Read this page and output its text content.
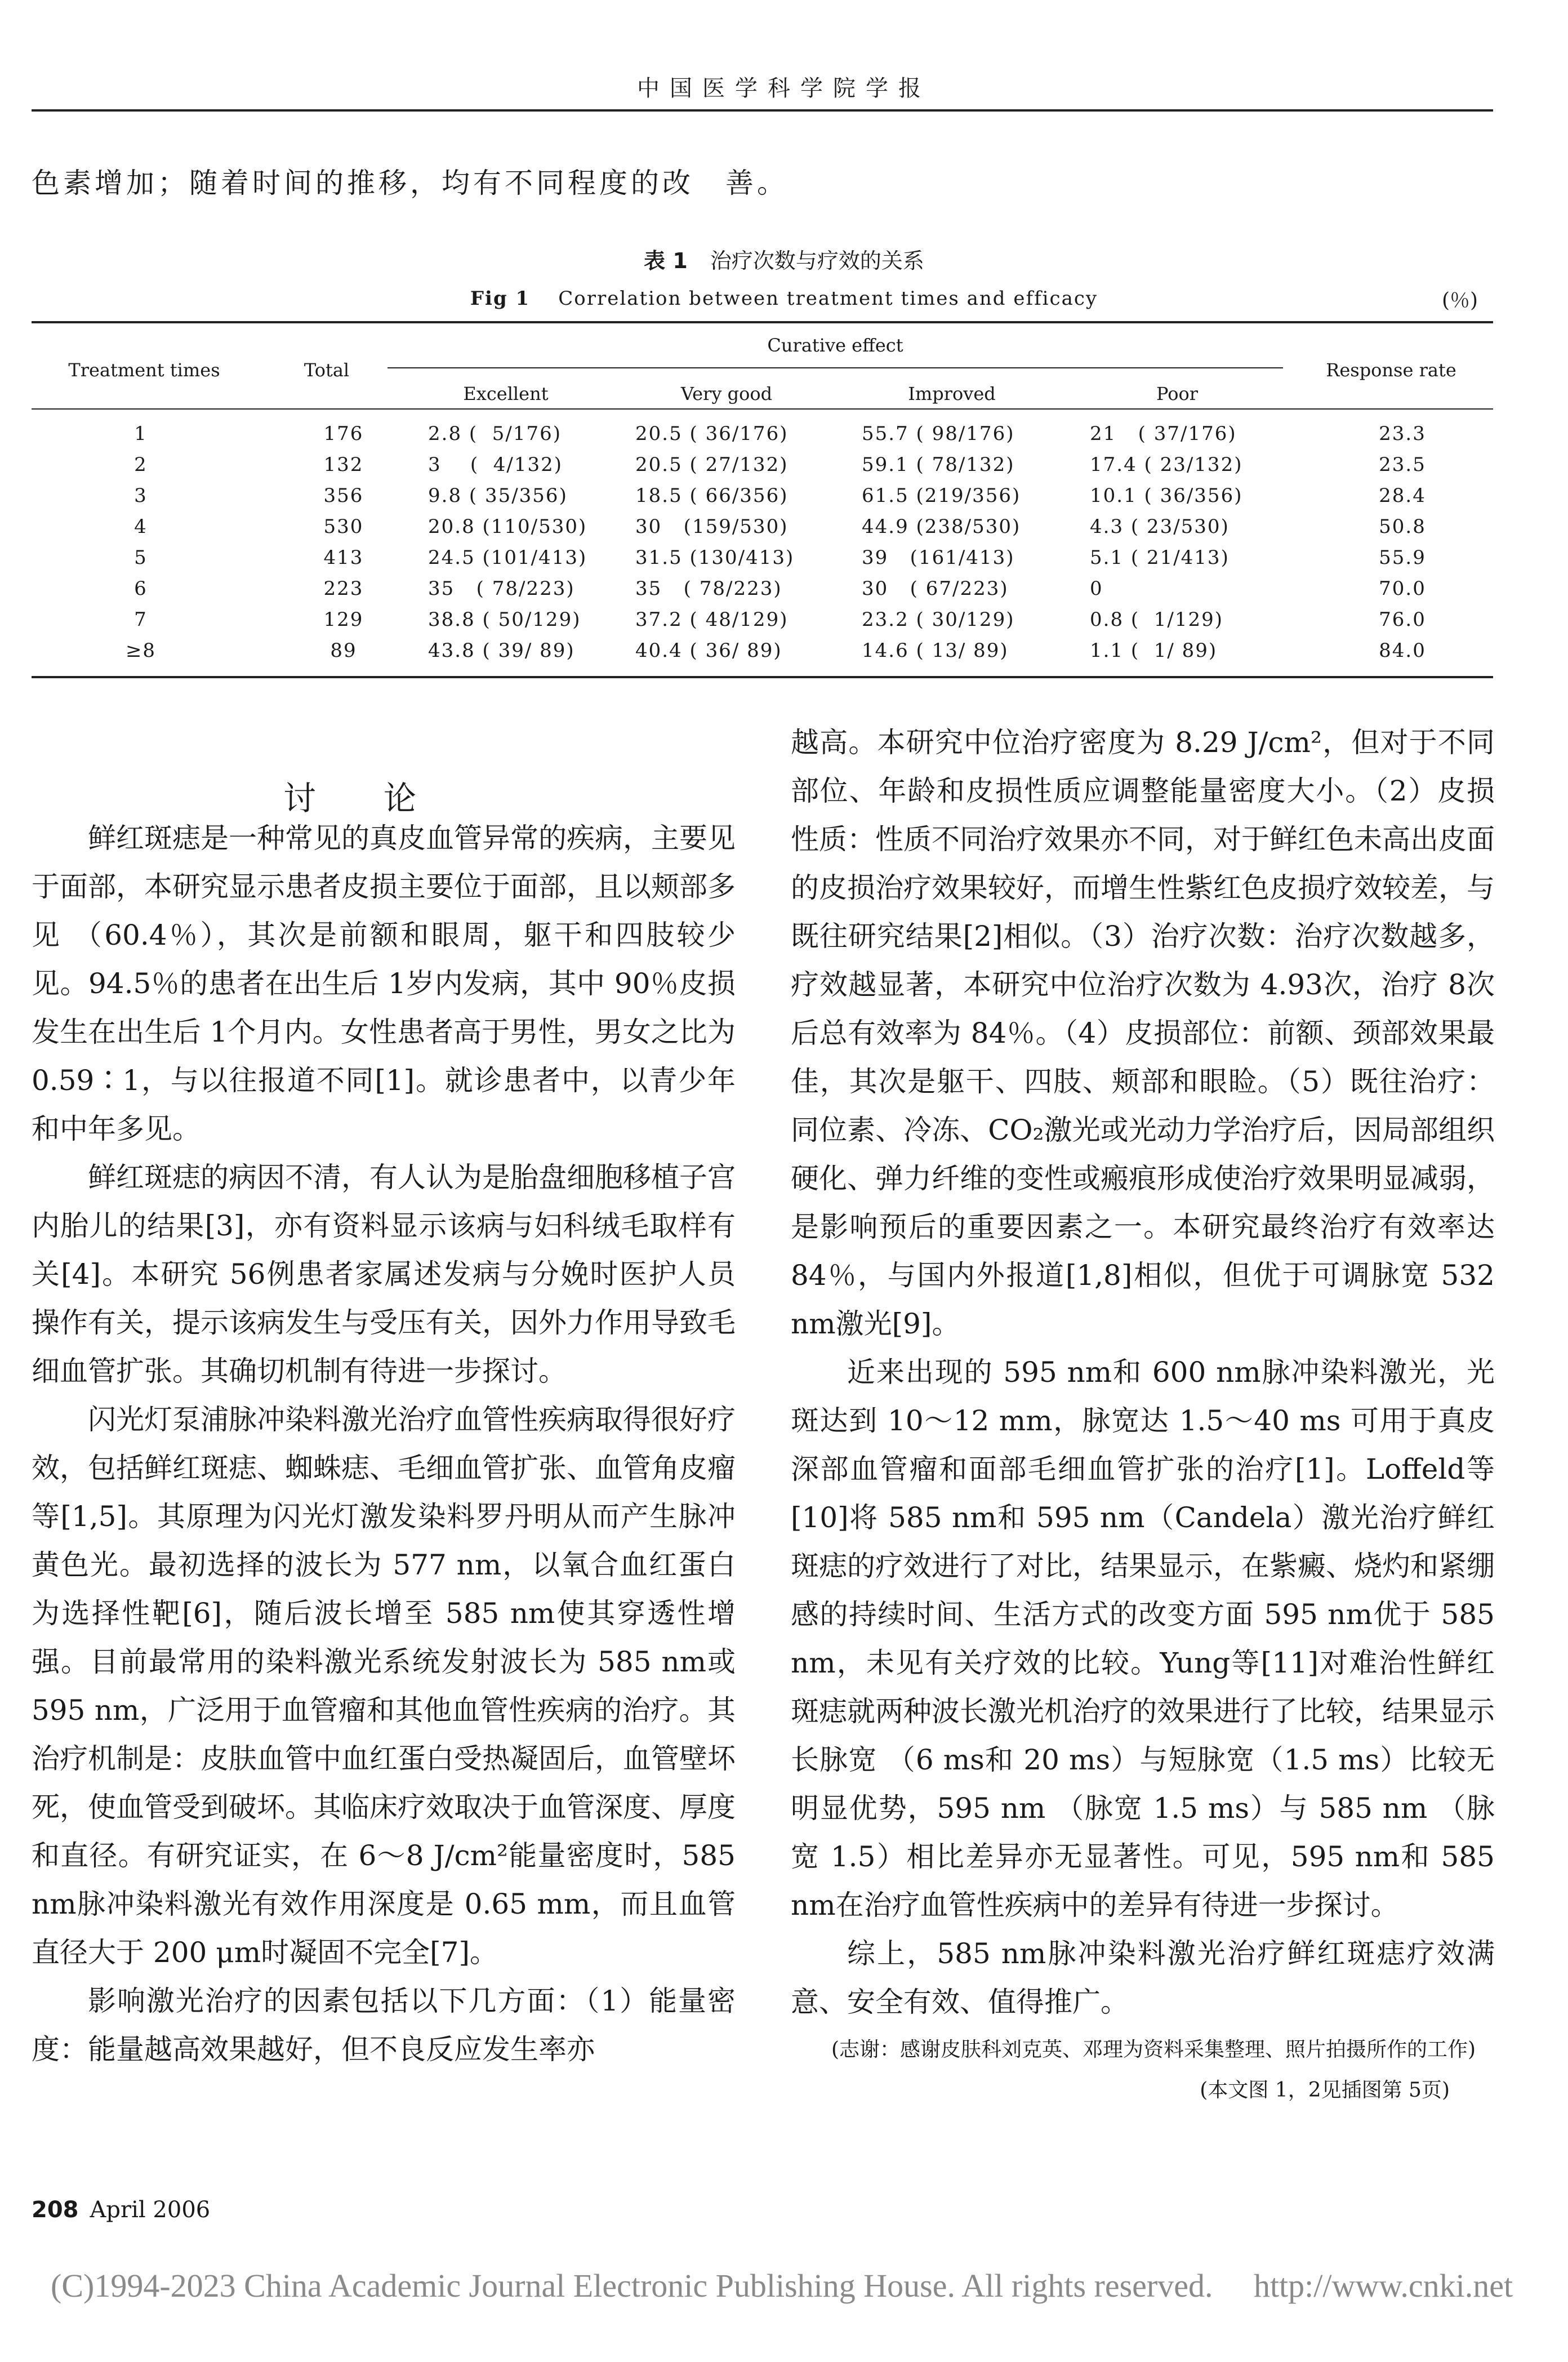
中国医学科学院学报
色素增加；随着时间的推移，均有不同程度的改　善。
表 1 治疗次数与疗效的关系
Fig 1 Correlation between treatment times and efficacy	(％)
Treatment times	Total
Curative effect
Excellent	Very good	Improved	Poor
Response rate
1	176	2.8 (  5/176)	20.5 ( 36/176)	55.7 ( 98/176)	21   ( 37/176)	23.3
2	132	3    (  4/132)	20.5 ( 27/132)	59.1 ( 78/132)	17.4 ( 23/132)	23.5
3	356	9.8 ( 35/356)	18.5 ( 66/356)	61.5 (219/356)	10.1 ( 36/356)	28.4
4	530	20.8 (110/530)	30   (159/530)	44.9 (238/530)	4.3 ( 23/530)	50.8
5	413	24.5 (101/413)	31.5 (130/413)	39   (161/413)	5.1 ( 21/413)	55.9
6	223	35   ( 78/223)	35   ( 78/223)	30   ( 67/223)	0	70.0
7	129	38.8 ( 50/129)	37.2 ( 48/129)	23.2 ( 30/129)	0.8 (  1/129)	76.0
≥8	89	43.8 ( 39/ 89)	40.4 ( 36/ 89)	14.6 ( 13/ 89)	1.1 (  1/ 89)	84.0
讨论

鲜红斑痣是一种常见的真皮血管异常的疾病，主要见于面部，本研究显示患者皮损主要位于面部，且以颊部多见 （60.4％），其次是前额和眼周，躯干和四肢较少见。94.5％的患者在出生后 1岁内发病，其中 90％皮损发生在出生后 1个月内。女性患者高于男性，男女之比为 0.59∶1，与以往报道不同[1]。就诊患者中，以青少年和中年多见。

鲜红斑痣的病因不清，有人认为是胎盘细胞移植子宫内胎儿的结果[3]，亦有资料显示该病与妇科绒毛取样有关[4]。本研究 56例患者家属述发病与分娩时医护人员操作有关，提示该病发生与受压有关，因外力作用导致毛细血管扩张。其确切机制有待进一步探讨。

闪光灯泵浦脉冲染料激光治疗血管性疾病取得很好疗效，包括鲜红斑痣、蜘蛛痣、毛细血管扩张、血管角皮瘤等[1,5]。其原理为闪光灯激发染料罗丹明从而产生脉冲黄色光。最初选择的波长为 577 nm，以氧合血红蛋白为选择性靶[6]，随后波长增至 585 nm使其穿透性增强。目前最常用的染料激光系统发射波长为 585 nm或 595 nm，广泛用于血管瘤和其他血管性疾病的治疗。其治疗机制是：皮肤血管中血红蛋白受热凝固后，血管壁坏死，使血管受到破坏。其临床疗效取决于血管深度、厚度和直径。有研究证实，在 6～8 J/cm²能量密度时，585 nm脉冲染料激光有效作用深度是 0.65 mm，而且血管直径大于 200 μm时凝固不完全[7]。

影响激光治疗的因素包括以下几方面：（1）能量密度：能量越高效果越好，但不良反应发生率亦

越高。本研究中位治疗密度为 8.29 J/cm²，但对于不同部位、年龄和皮损性质应调整能量密度大小。（2）皮损性质：性质不同治疗效果亦不同，对于鲜红色未高出皮面的皮损治疗效果较好，而增生性紫红色皮损疗效较差，与既往研究结果[2]相似。（3）治疗次数：治疗次数越多，疗效越显著，本研究中位治疗次数为 4.93次，治疗 8次后总有效率为 84％。（4）皮损部位：前额、颈部效果最佳，其次是躯干、四肢、颊部和眼睑。（5）既往治疗：同位素、冷冻、CO₂激光或光动力学治疗后，因局部组织硬化、弹力纤维的变性或瘢痕形成使治疗效果明显减弱，是影响预后的重要因素之一。本研究最终治疗有效率达 84％，与国内外报道[1,8]相似，但优于可调脉宽 532 nm激光[9]。

近来出现的 595 nm和 600 nm脉冲染料激光，光斑达到 10～12 mm，脉宽达 1.5～40 ms 可用于真皮深部血管瘤和面部毛细血管扩张的治疗[1]。Loffeld等[10]将 585 nm和 595 nm（Candela）激光治疗鲜红斑痣的疗效进行了对比，结果显示，在紫癜、烧灼和紧绷感的持续时间、生活方式的改变方面 595 nm优于 585 nm，未见有关疗效的比较。Yung等[11]对难治性鲜红斑痣就两种波长激光机治疗的效果进行了比较，结果显示长脉宽 （6 ms和 20 ms）与短脉宽（1.5 ms）比较无明显优势，595 nm （脉宽 1.5 ms）与 585 nm （脉宽 1.5）相比差异亦无显著性。可见，595 nm和 585 nm在治疗血管性疾病中的差异有待进一步探讨。

综上，585 nm脉冲染料激光治疗鲜红斑痣疗效满意、安全有效、值得推广。

(志谢：感谢皮肤科刘克英、邓理为资料采集整理、照片拍摄所作的工作)
(本文图 1，2见插图第 5页)
208 April 2006
(C)1994-2023 China Academic Journal Electronic Publishing House. All rights reserved.　 http://www.cnki.net
